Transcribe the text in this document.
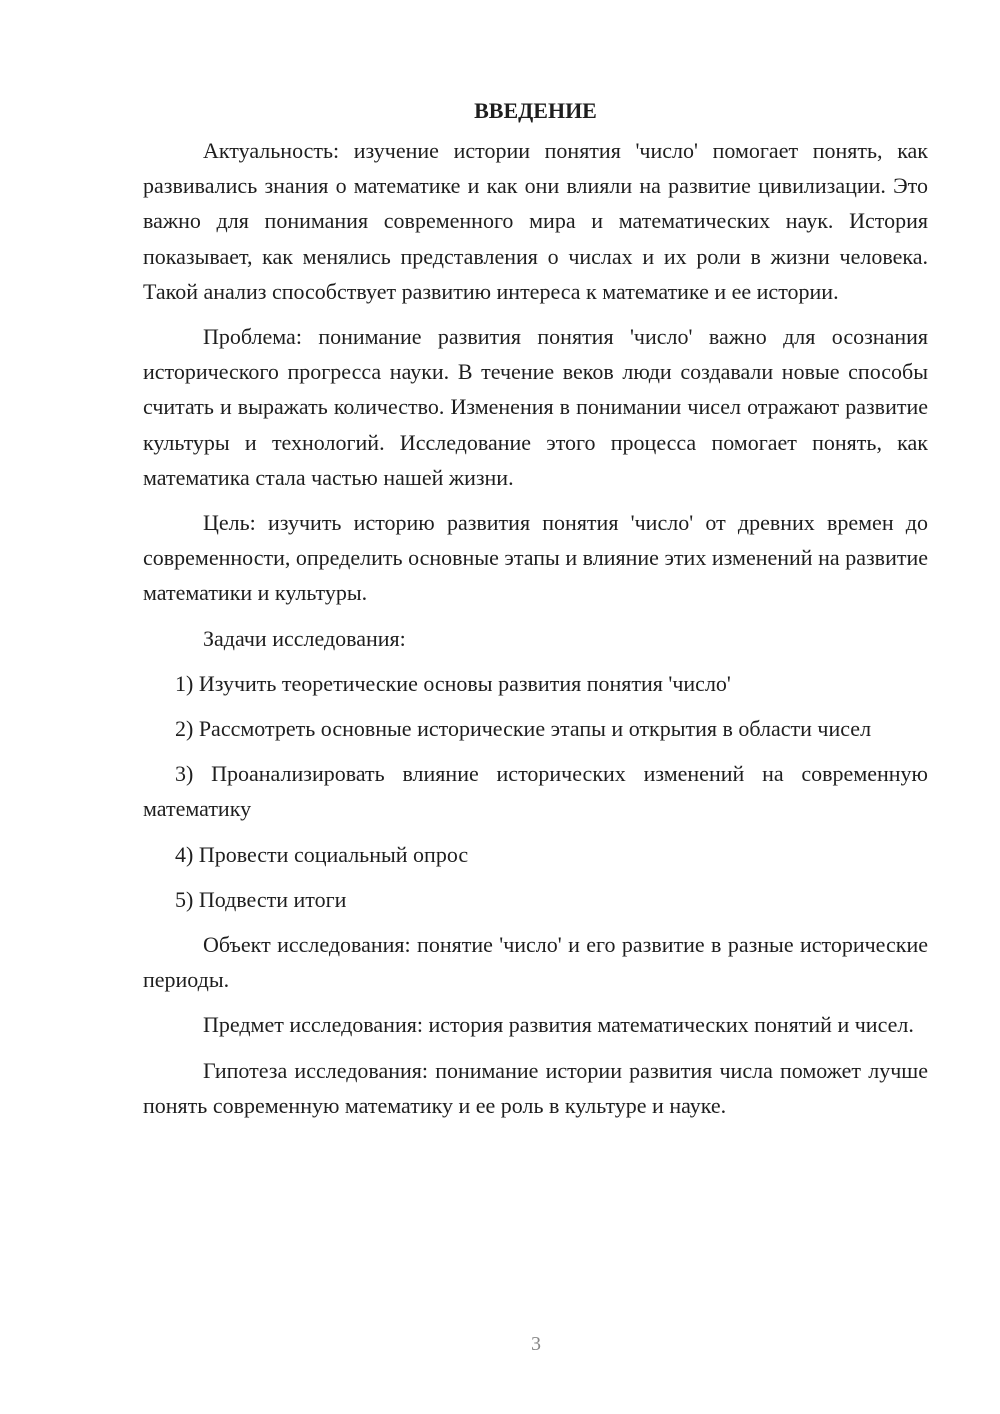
ВВЕДЕНИЕ

Актуальность: изучение истории понятия 'число' помогает понять, как развивались знания о математике и как они влияли на развитие цивилизации. Это важно для понимания современного мира и математических наук. История показывает, как менялись представления о числах и их роли в жизни человека. Такой анализ способствует развитию интереса к математике и ее истории.

Проблема: понимание развития понятия 'число' важно для осознания исторического прогресса науки. В течение веков люди создавали новые способы считать и выражать количество. Изменения в понимании чисел отражают развитие культуры и технологий. Исследование этого процесса помогает понять, как математика стала частью нашей жизни.

Цель: изучить историю развития понятия 'число' от древних времен до современности, определить основные этапы и влияние этих изменений на развитие математики и культуры.

Задачи исследования:

1) Изучить теоретические основы развития понятия 'число'

2) Рассмотреть основные исторические этапы и открытия в области чисел

3) Проанализировать влияние исторических изменений на современную математику

4) Провести социальный опрос

5) Подвести итоги

Объект исследования: понятие 'число' и его развитие в разные исторические периоды.

Предмет исследования: история развития математических понятий и чисел.

Гипотеза исследования: понимание истории развития числа поможет лучше понять современную математику и ее роль в культуре и науке.

3
